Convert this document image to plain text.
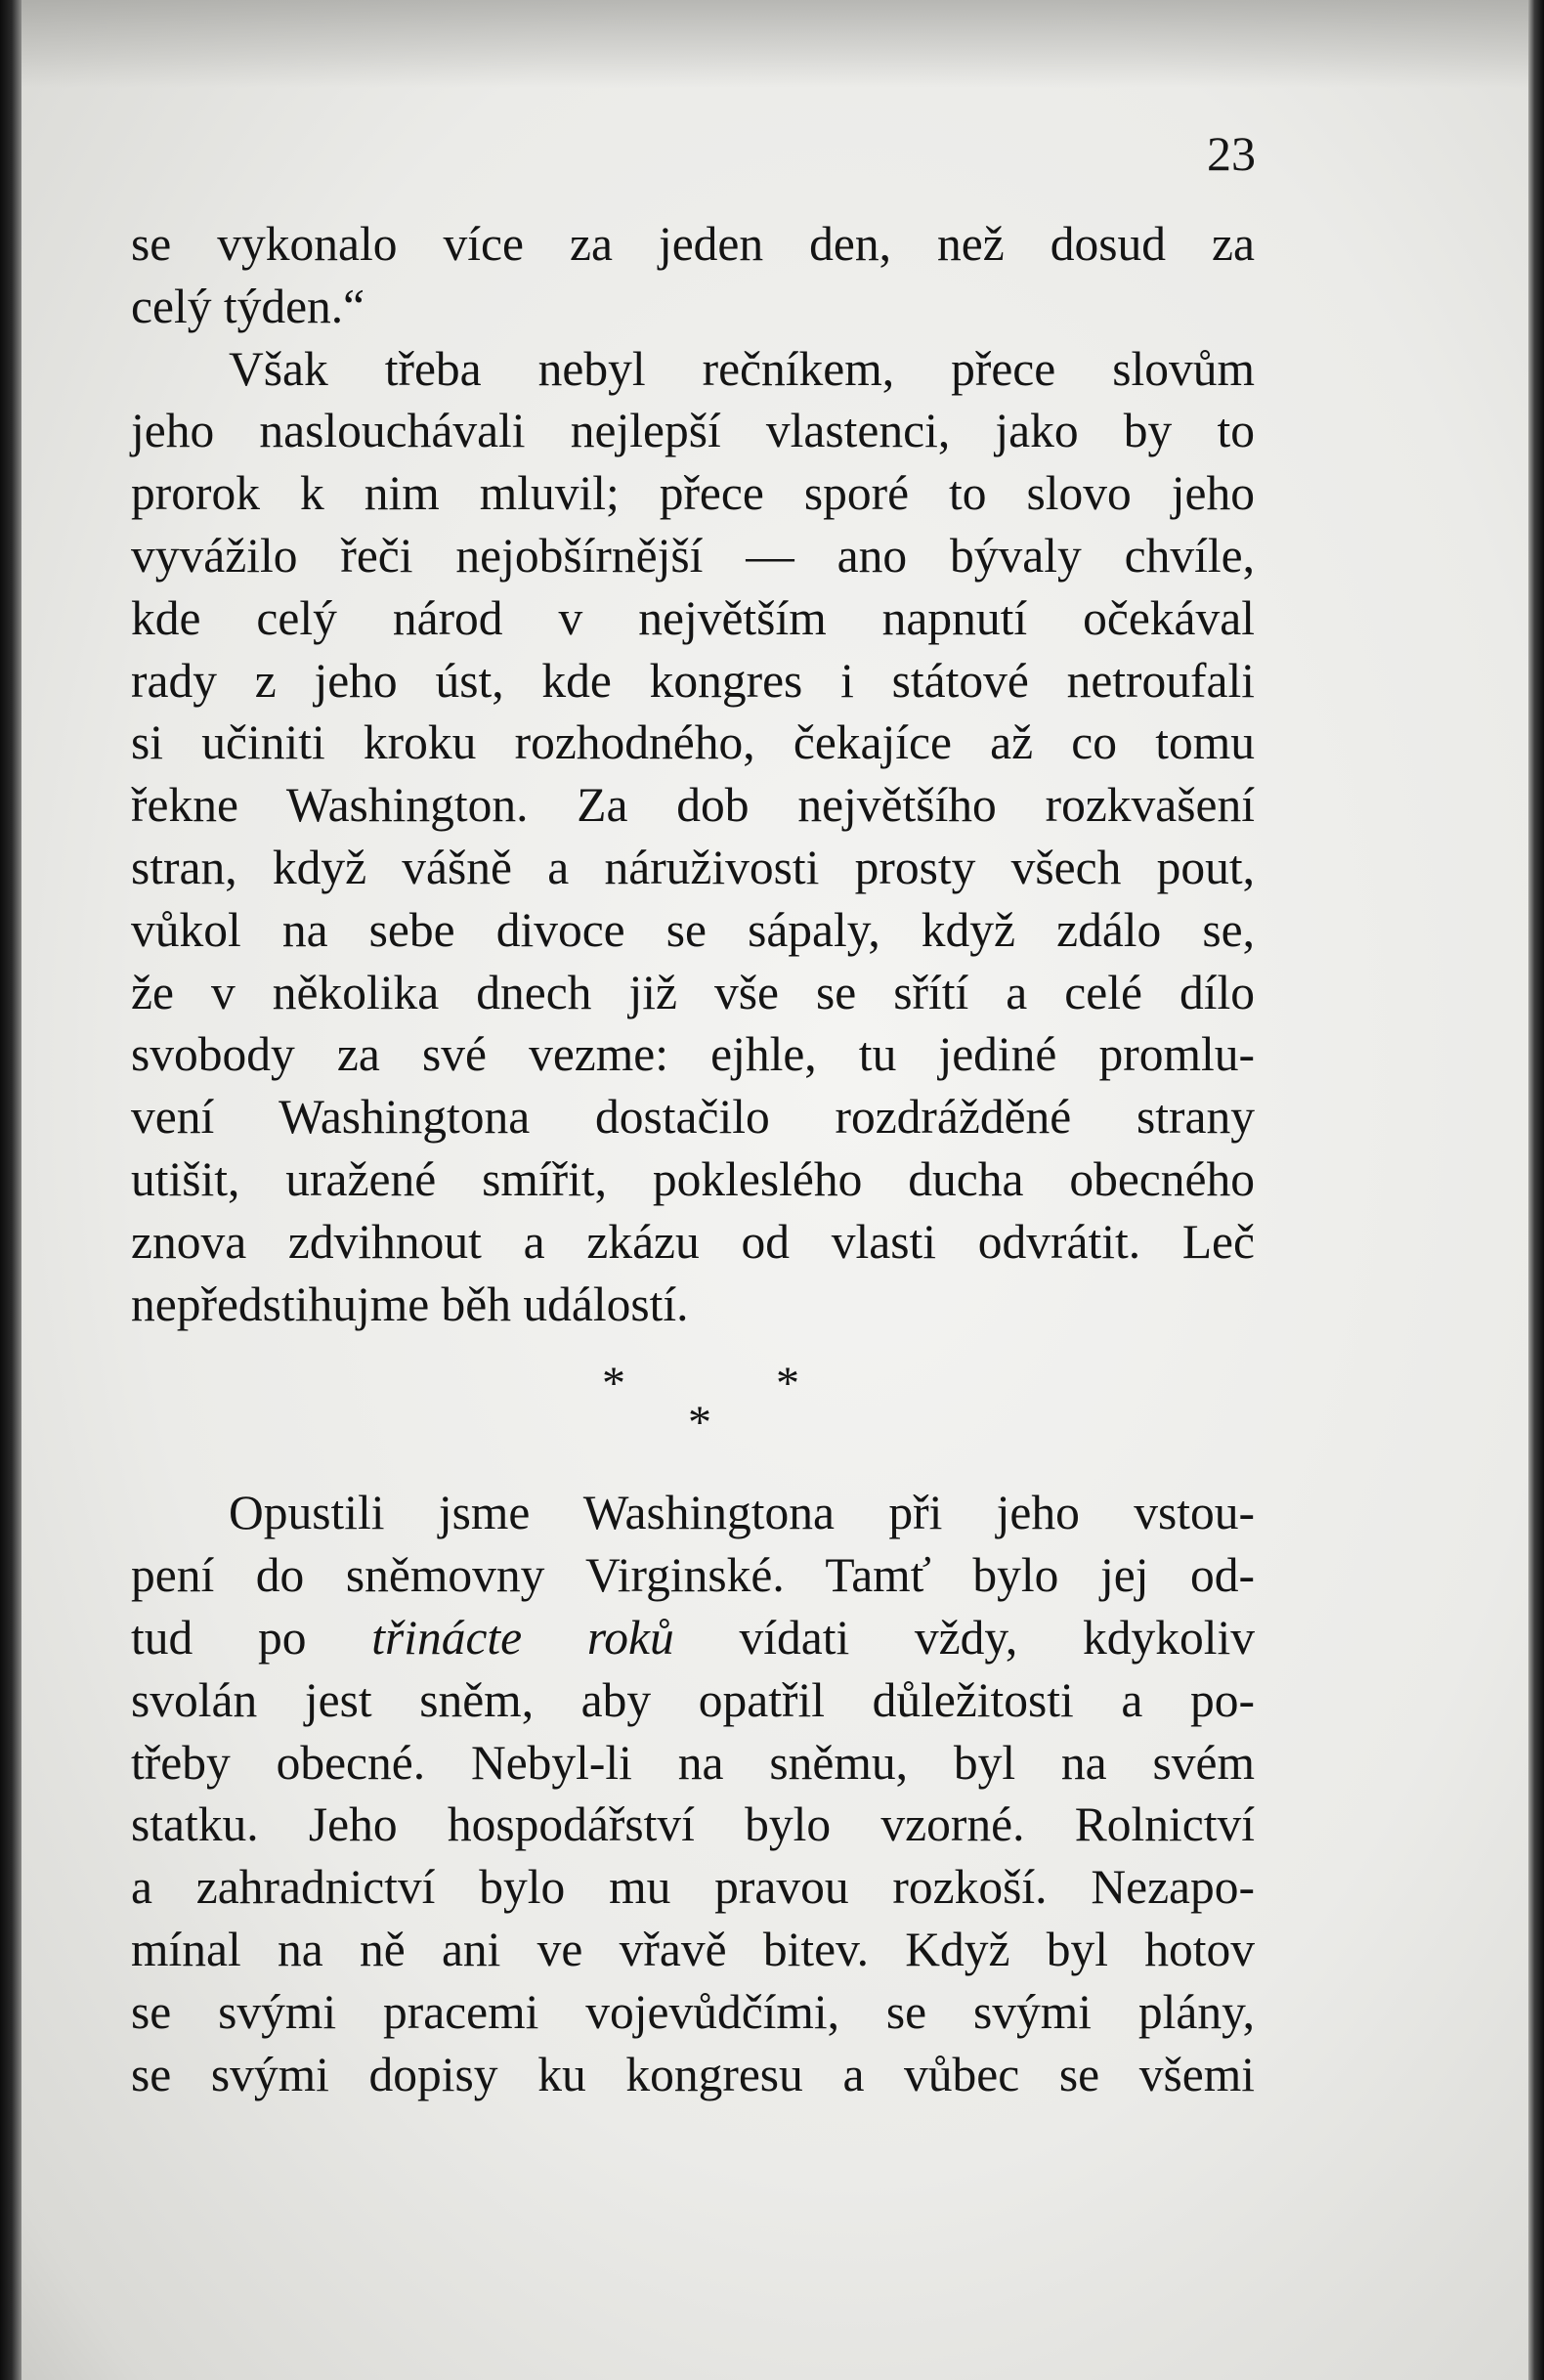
23
se vykonalo více za jeden den, než dosud za
celý týden.“
Však třeba nebyl rečníkem, přece slovům
jeho naslouchávali nejlepší vlastenci, jako by to
prorok k nim mluvil; přece sporé to slovo jeho
vyvážilo řeči nejobšírnější — ano bývaly chvíle,
kde celý národ v největším napnutí očekával
rady z jeho úst, kde kongres i státové netroufali
si učiniti kroku rozhodného, čekajíce až co tomu
řekne Washington. Za dob největšího rozkvašení
stran, když vášně a náruživosti prosty všech pout,
vůkol na sebe divoce se sápaly, když zdálo se,
že v několika dnech již vše se sřítí a celé dílo
svobody za své vezme: ejhle, tu jediné promlu-
vení Washingtona dostačilo rozdrážděné strany
utišit, uražené smířit, pokleslého ducha obecného
znova zdvihnout a zkázu od vlasti odvrátit. Leč
nepředstihujme běh událostí.
*	*
*
Opustili jsme Washingtona při jeho vstou-
pení do sněmovny Virginské. Tamť bylo jej od-
tud po třinácte roků vídati vždy, kdykoliv
svolán jest sněm, aby opatřil důležitosti a po-
třeby obecné. Nebyl-li na sněmu, byl na svém
statku. Jeho hospodářství bylo vzorné. Rolnictví
a zahradnictví bylo mu pravou rozkoší. Nezapo-
mínal na ně ani ve vřavě bitev. Když byl hotov
se svými pracemi vojevůdčími, se svými plány,
se svými dopisy ku kongresu a vůbec se všemi
